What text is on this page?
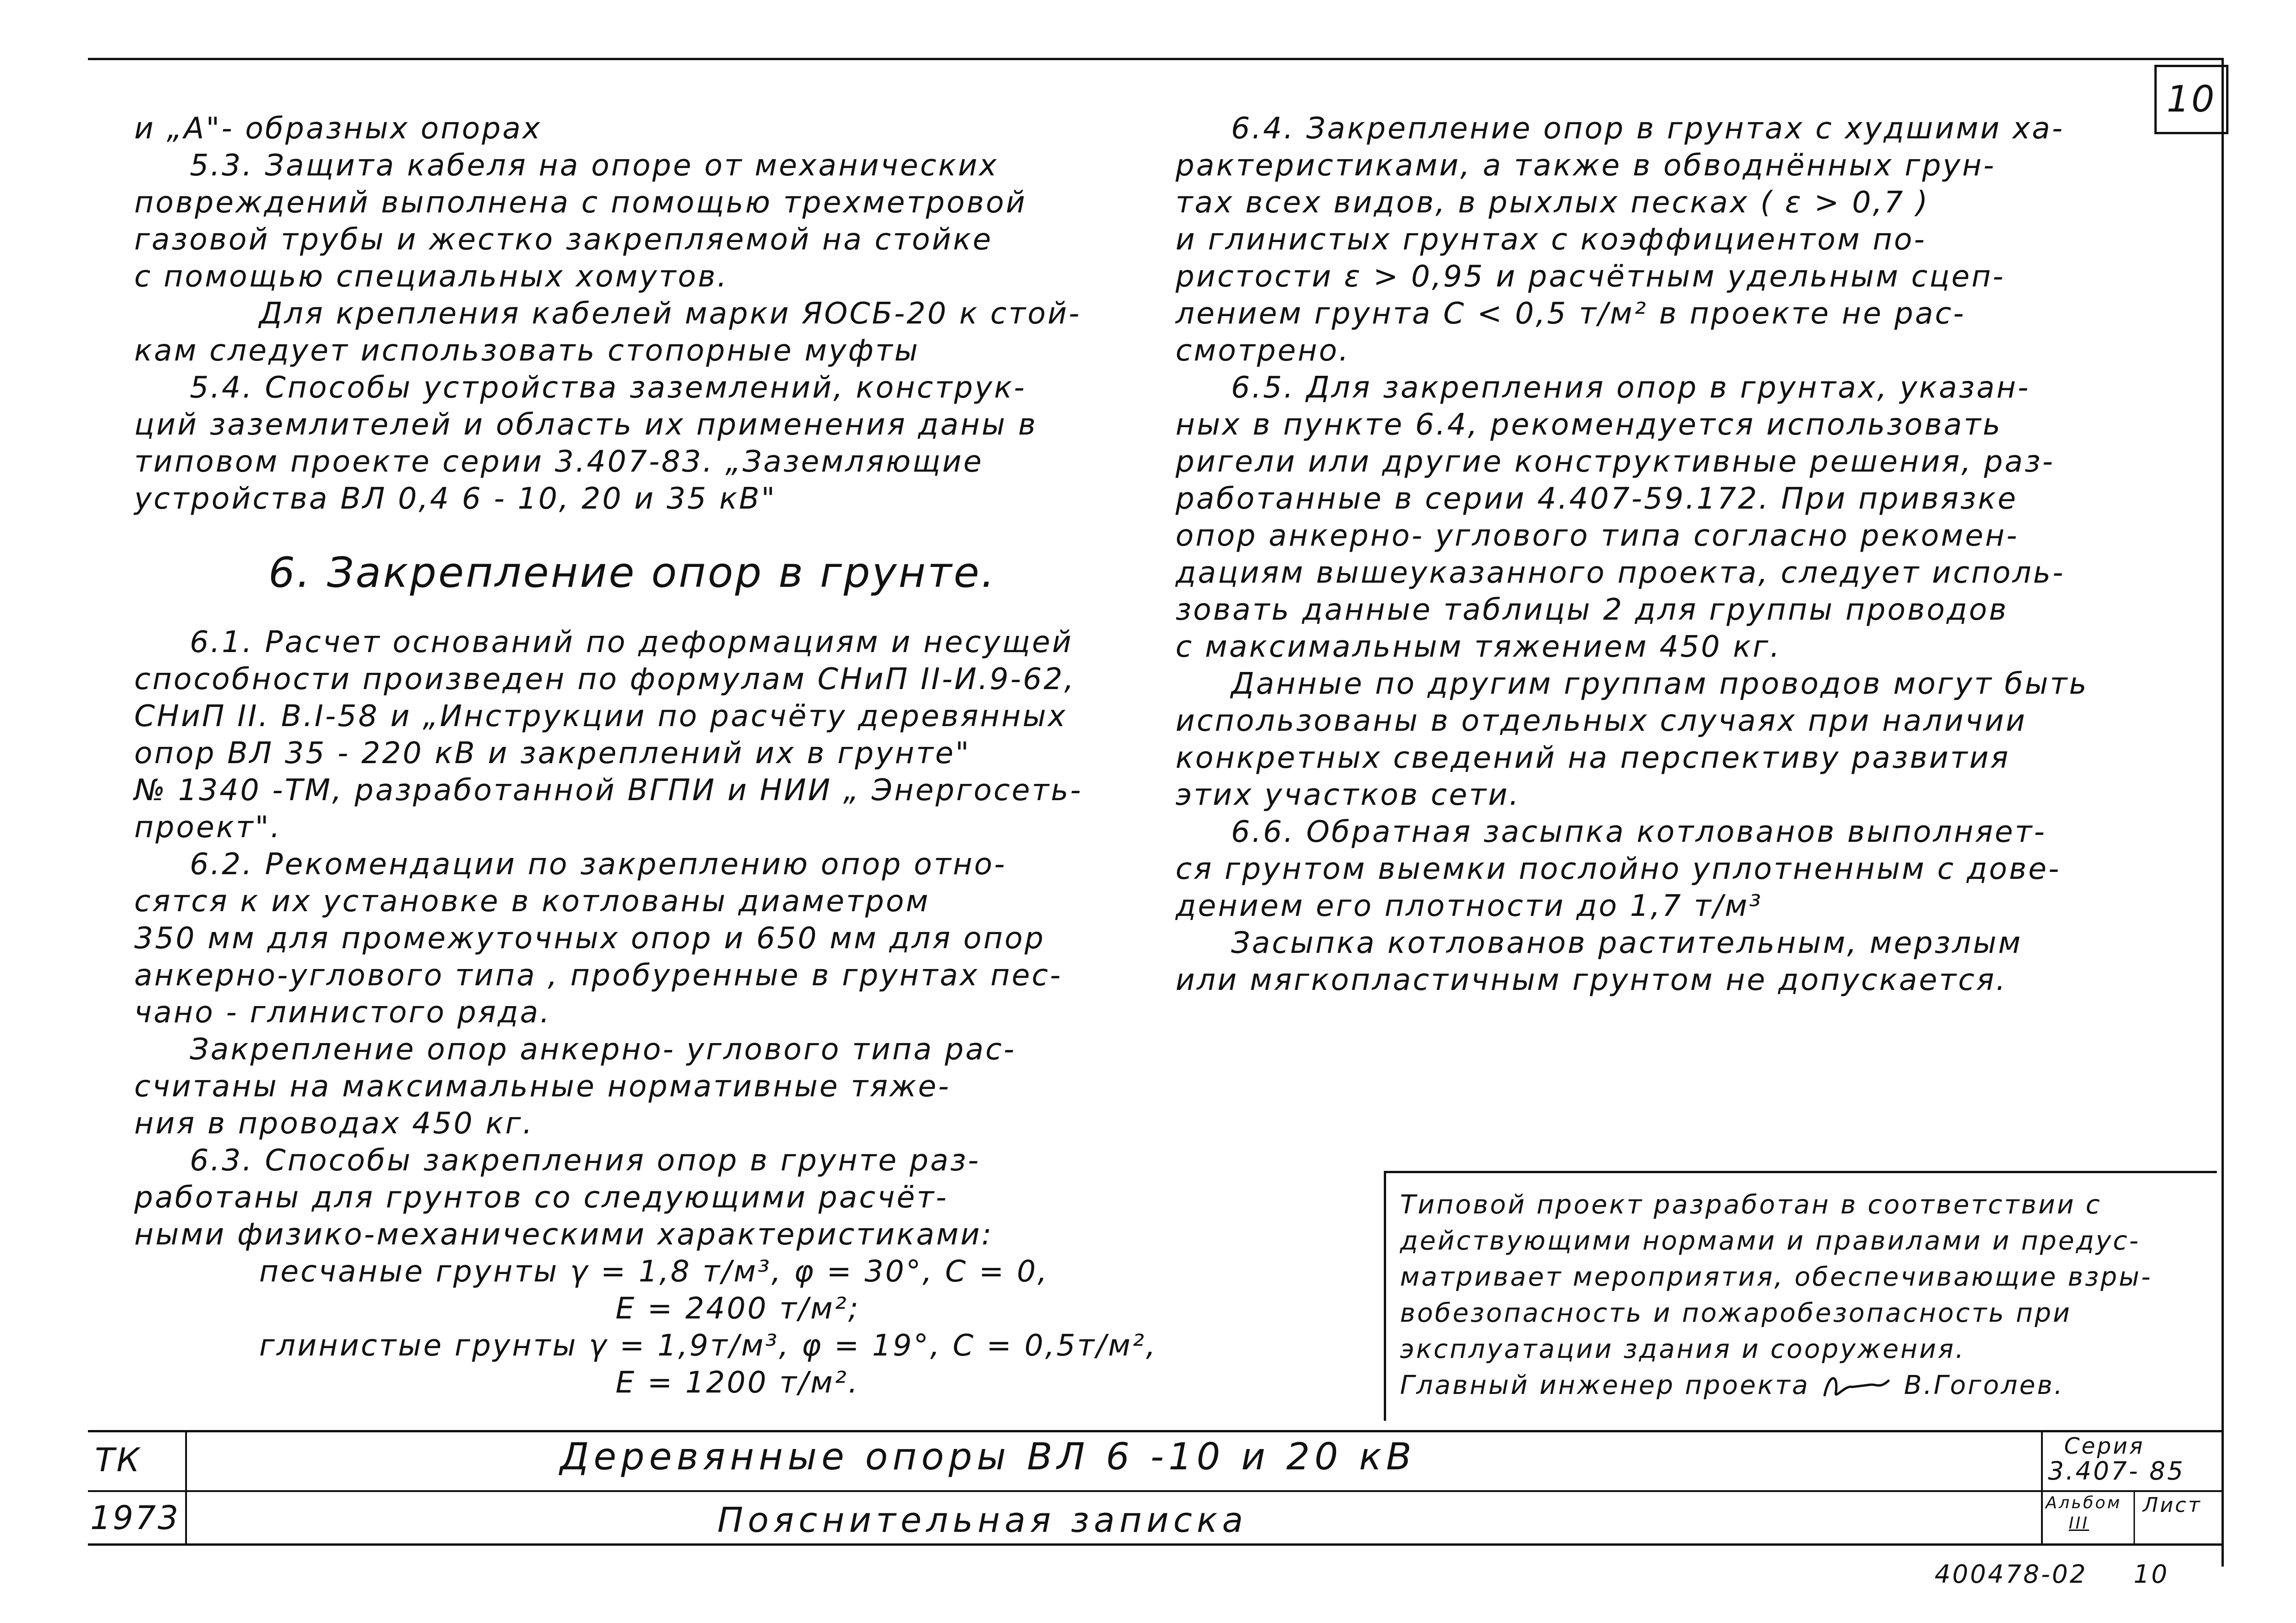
10

и „А"- образных опорах

5.3. Защита кабеля на опоре от механических

повреждений выполнена с помощью трехметровой

газовой трубы и жестко закрепляемой на стойке

с помощью специальных хомутов.

Для крепления кабелей марки ЯОСБ-20 к стой-

кам следует использовать стопорные муфты

5.4. Способы устройства заземлений, конструк-

ций заземлителей и область их применения даны в

типовом проекте серии 3.407-83. „Заземляющие

устройства ВЛ 0,4 6 - 10, 20 и 35 кВ"

6. Закрепление опор в грунте.

6.1. Расчет оснований по деформациям и несущей

способности произведен по формулам СНиП II-И.9-62,

СНиП II. В.I-58 и „Инструкции по расчёту деревянных

опор ВЛ 35 - 220 кВ и закреплений их в грунте"

№ 1340 -ТМ, разработанной ВГПИ и НИИ „ Энергосеть-

проект".

6.2. Рекомендации по закреплению опор отно-

сятся к их установке в котлованы диаметром

350 мм для промежуточных опор и 650 мм для опор

анкерно-углового типа , пробуренные в грунтах пес-

чано - глинистого ряда.

Закрепление опор анкерно- углового типа рас-

считаны на максимальные нормативные тяже-

ния в проводах 450 кг.

6.3. Способы закрепления опор в грунте раз-

работаны для грунтов со следующими расчёт-

ными физико-механическими характеристиками:

песчаные грунты γ = 1,8 т/м³, φ = 30°, С = 0,

Е = 2400 т/м²;

глинистые грунты γ = 1,9т/м³, φ = 19°, С = 0,5т/м²,

Е = 1200 т/м².

6.4. Закрепление опор в грунтах с худшими ха-

рактеристиками, а также в обводнённых грун-

тах всех видов, в рыхлых песках ( ε > 0,7 )

и глинистых грунтах с коэффициентом по-

ристости ε > 0,95 и расчётным удельным сцеп-

лением грунта С < 0,5 т/м² в проекте не рас-

смотрено.

6.5. Для закрепления опор в грунтах, указан-

ных в пункте 6.4, рекомендуется использовать

ригели или другие конструктивные решения, раз-

работанные в серии 4.407-59.172. При привязке

опор анкерно- углового типа согласно рекомен-

дациям вышеуказанного проекта, следует исполь-

зовать данные таблицы 2 для группы проводов

с максимальным тяжением 450 кг.

Данные по другим группам проводов могут быть

использованы в отдельных случаях при наличии

конкретных сведений на перспективу развития

этих участков сети.

6.6. Обратная засыпка котлованов выполняет-

ся грунтом выемки послойно уплотненным с дове-

дением его плотности до 1,7 т/м³

Засыпка котлованов растительным, мерзлым

или мягкопластичным грунтом не допускается.

Типовой проект разработан в соответствии с

действующими нормами и правилами и предус-

матривает мероприятия, обеспечивающие взры-

вобезопасность и пожаробезопасность при

эксплуатации здания и сооружения.

Главный инженер проекта	В.Гоголев.

ТК
1973
Деревянные опоры ВЛ 6 -10 и 20 кВ
Пояснительная записка
Серия
3.407- 85
Альбом
III
Лист
400478-02 10
